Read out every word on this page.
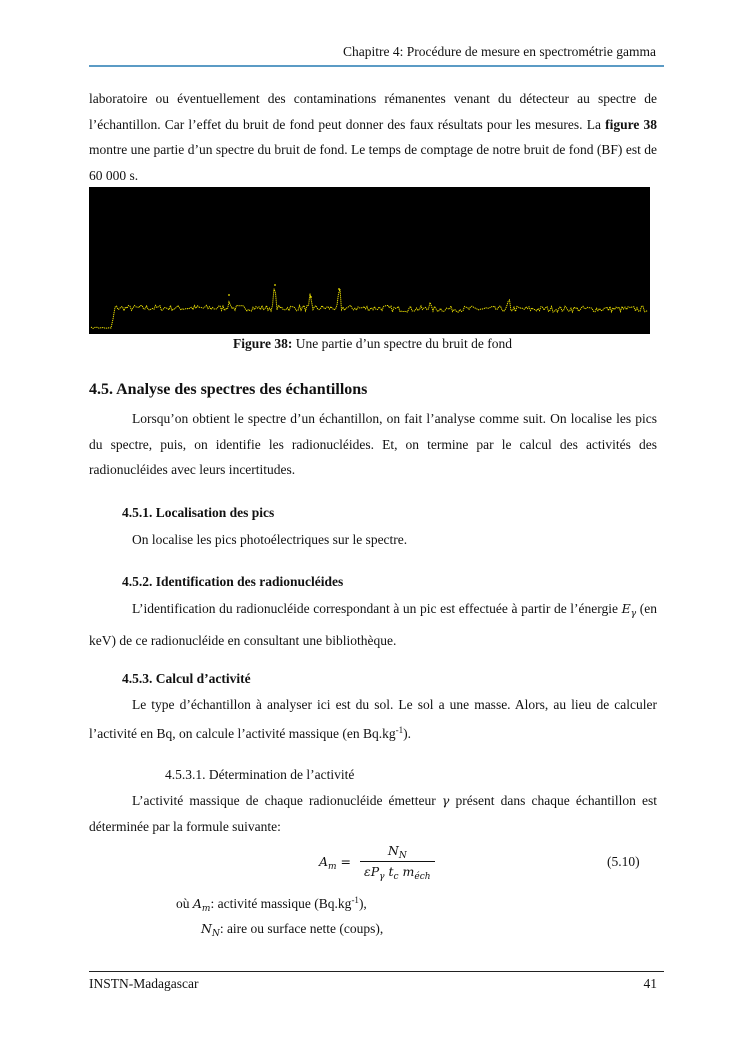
Chapitre 4: Procédure de mesure en spectrométrie gamma

laboratoire ou éventuellement des contaminations rémanentes venant du détecteur au spectre de l’échantillon. Car l’effet du bruit de fond peut donner des faux résultats pour les mesures. La figure 38 montre une partie d’un spectre du bruit de fond. Le temps de comptage de notre bruit de fond (BF) est de 60 000 s.

Figure 38: Une partie d’un spectre du bruit de fond
4.5. Analyse des spectres des échantillons

Lorsqu’on obtient le spectre d’un échantillon, on fait l’analyse comme suit. On localise les pics du spectre, puis, on identifie les radionucléides. Et, on termine par le calcul des activités des radionucléides avec leurs incertitudes.

4.5.1. Localisation des pics

On localise les pics photoélectriques sur le spectre.

4.5.2. Identification des radionucléides

L’identification du radionucléide correspondant à un pic est effectuée à partir de l’énergie $E_\gamma$ (en keV) de ce radionucléide en consultant une bibliothèque.

4.5.3. Calcul d’activité

Le type d’échantillon à analyser ici est du sol. Le sol a une masse. Alors, au lieu de calculer l’activité en Bq, on calcule l’activité massique (en $Bq.kg^{-1}$).

4.5.3.1. Détermination de l’activité

L’activité massique de chaque radionucléide émetteur γ présent dans chaque échantillon est déterminée par la formule suivante:

$A_m$ =
$N_N$
$\varepsilon P_\gamma$ $t_c$ $m_{éch}$
(5.10)
où $A_m$: activité massique $(Bq.kg^{-1})$,
$N_N$: aire ou surface nette (coups),
INSTN-Madagascar	41
